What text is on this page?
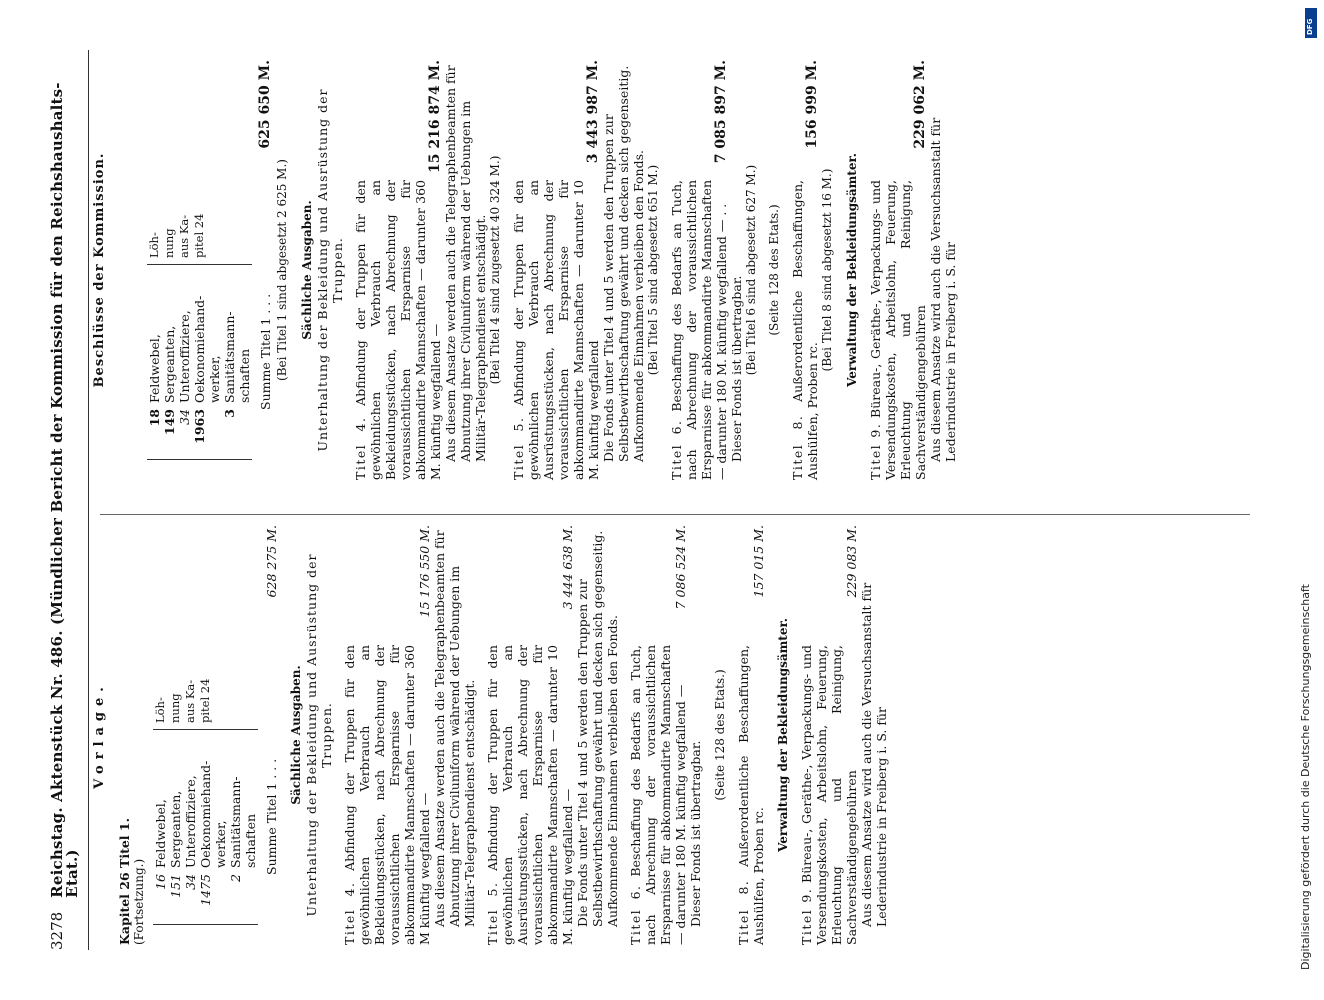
3278
Reichstag. Aktenstück Nr. 486. (Mündlicher Bericht der Kommission für den Reichshaushalts-Etat.)
Vorlage.
Kapitel 26 Titel 1. (Fortsetzung.) 16
Feldwebel,
151
Sergeanten,
34
Unteroffiziere,
1475
Oekonomiehand- werker,
2
Sanitätsmann- schaften
Löh- nung aus Ka- pitel 24
Summe Titel 1 . . .
628 275 M.
Sächliche Ausgaben. Unterhaltung der Bekleidung und Ausrüstung der Truppen.
Titel 4. Abfindung der Truppen für den gewöhnlichen Verbrauch an Bekleidungsstücken, nach Abrechnung der voraussichtlichen Ersparnisse für abkommandirte Mannschaften — darunter 360 M künftig wegfallend —
15 176 550 M. Aus diesem Ansatze werden auch die Telegraphenbeamten für Abnutzung ihrer Civiluniform während der Uebungen im Militär-Telegraphendienst entschädigt. Titel 5. Abfindung der Truppen für den gewöhnlichen Verbrauch an Ausrüstungsstücken, nach Abrechnung der voraussichtlichen Ersparnisse für abkommandirte Mannschaften — darunter 10 M. künftig wegfallend —
3 444 638 M.
Die Fonds unter Titel 4 und 5 werden den Truppen zur Selbstbewirthschaftung gewährt und decken sich gegenseitig. Aufkommende Einnahmen verbleiben den Fonds. Titel 6. Beschaffung des Bedarfs an Tuch, nach Abrechnung der voraussichtlichen Ersparnisse für abkommandirte Mannschaften — darunter 180 M. künftig wegfallend —
7 086 524 M.
Dieser Fonds ist übertragbar.
(Seite 128 des Etats.)
Titel 8. Außerordentliche Beschaffungen, Aushülfen, Proben rc.
157 015 M.
Verwaltung der Bekleidungsämter.
Titel 9. Büreau-, Geräthe-, Verpackungs- und Versendungskosten, Arbeitslohn, Feuerung, Erleuchtung und Reinigung, Sachverständigengebühren
229 083 M.
Aus diesem Ansatze wird auch die Versuchsanstalt für Lederindustrie in Freiberg i. S. für
Beschlüsse der Kommission.
18
Feldwebel,
149
Sergeanten,
34
Unteroffiziere,
1963
Oekonomiehand- werker,
3
Sanitätsmann- schaften
Löh- nung aus Ka- pitel 24
Summe Titel 1 . . .
625 650 M.
(Bei Titel 1 sind abgesetzt 2 625 M.) Sächliche Ausgaben. Unterhaltung der Bekleidung und Ausrüstung der Truppen.
Titel 4. Abfindung der Truppen für den gewöhnlichen Verbrauch an Bekleidungsstücken, nach Abrechnung der voraussichtlichen Ersparnisse für abkommandirte Mannschaften — darunter 360 M. künftig wegfallend —
15 216 874 M. Aus diesem Ansatze werden auch die Telegraphenbeamten für Abnutzung ihrer Civiluniform während der Uebungen im Militär-Telegraphendienst entschädigt. (Bei Titel 4 sind zugesetzt 40 324 M.)
Titel 5. Abfindung der Truppen für den gewöhnlichen Verbrauch an Ausrüstungsstücken, nach Abrechnung der voraussichtlichen Ersparnisse für abkommandirte Mannschaften — darunter 10 M. künftig wegfallend
3 443 987 M.
Die Fonds unter Titel 4 und 5 werden den Truppen zur Selbstbewirthschaftung gewährt und decken sich gegenseitig. Aufkommende Einnahmen verbleiben den Fonds. (Bei Titel 5 sind abgesetzt 651 M.)
Titel 6. Beschaffung des Bedarfs an Tuch, nach Abrechnung der voraussichtlichen Ersparnisse für abkommandirte Mannschaften — darunter 180 M. künftig wegfallend — . .
7 085 897 M.
Dieser Fonds ist übertragbar. (Bei Titel 6 sind abgesetzt 627 M.) (Seite 128 des Etats.)
Titel 8. Außerordentliche Beschaffungen, Aushülfen, Proben rc.
156 999 M.
(Bei Titel 8 sind abgesetzt 16 M.) Verwaltung der Bekleidungsämter.
Titel 9. Büreau-, Geräthe-, Verpackungs- und Versendungskosten, Arbeitslohn, Feuerung, Erleuchtung und Reinigung, Sachverständigengebühren
229 062 M.
Aus diesem Ansatze wird auch die Versuchsanstalt für Lederindustrie in Freiberg i. S. für
DFG
Digitalisierung gefördert durch die Deutsche Forschungsgemeinschaft
